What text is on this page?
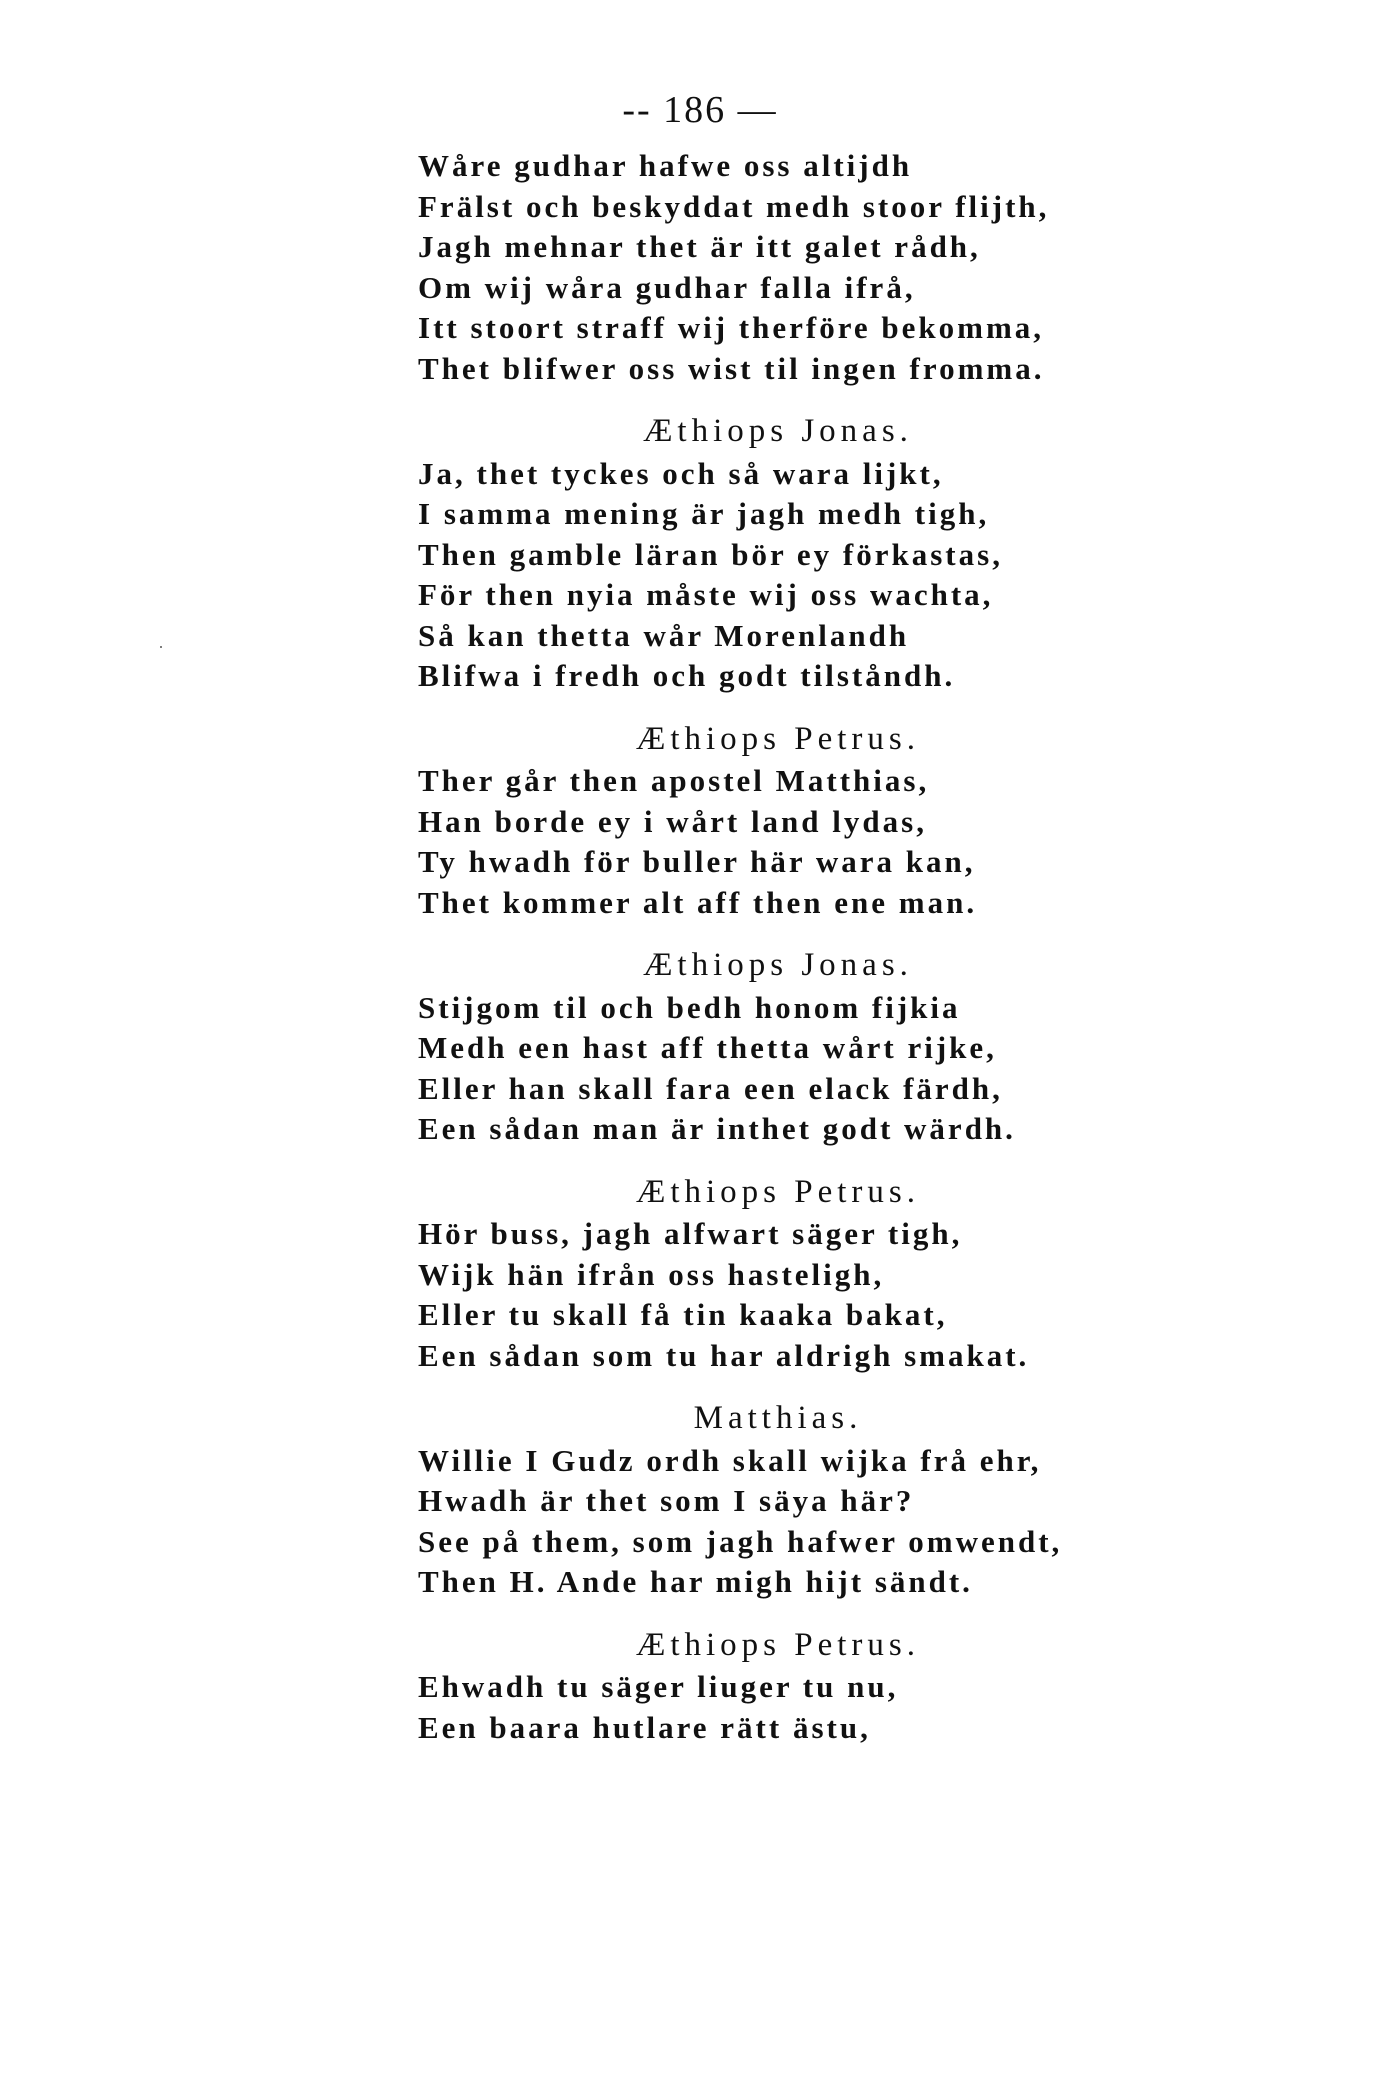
-- 186 —
Wåre gudhar hafwe oss altijdh
Frälst och beskyddat medh stoor flijth,
Jagh mehnar thet är itt galet rådh,
Om wij wåra gudhar falla ifrå,
Itt stoort straff wij therföre bekomma,
Thet blifwer oss wist til ingen fromma.
Æthiops Jonas.
Ja, thet tyckes och så wara lijkt,
I samma mening är jagh medh tigh,
Then gamble läran bör ey förkastas,
För then nyia måste wij oss wachta,
Så kan thetta wår Morenlandh
Blifwa i fredh och godt tilståndh.
Æthiops Petrus.
Ther går then apostel Matthias,
Han borde ey i wårt land lydas,
Ty hwadh för buller här wara kan,
Thet kommer alt aff then ene man.
Æthiops Jonas.
Stijgom til och bedh honom fijkia
Medh een hast aff thetta wårt rijke,
Eller han skall fara een elack färdh,
Een sådan man är inthet godt wärdh.
Æthiops Petrus.
Hör buss, jagh alfwart säger tigh,
Wijk hän ifrån oss hasteligh,
Eller tu skall få tin kaaka bakat,
Een sådan som tu har aldrigh smakat.
Matthias.
Willie I Gudz ordh skall wijka frå ehr,
Hwadh är thet som I säya här?
See på them, som jagh hafwer omwendt,
Then H. Ande har migh hijt sändt.
Æthiops Petrus.
Ehwadh tu säger liuger tu nu,
Een baara hutlare rätt ästu,
